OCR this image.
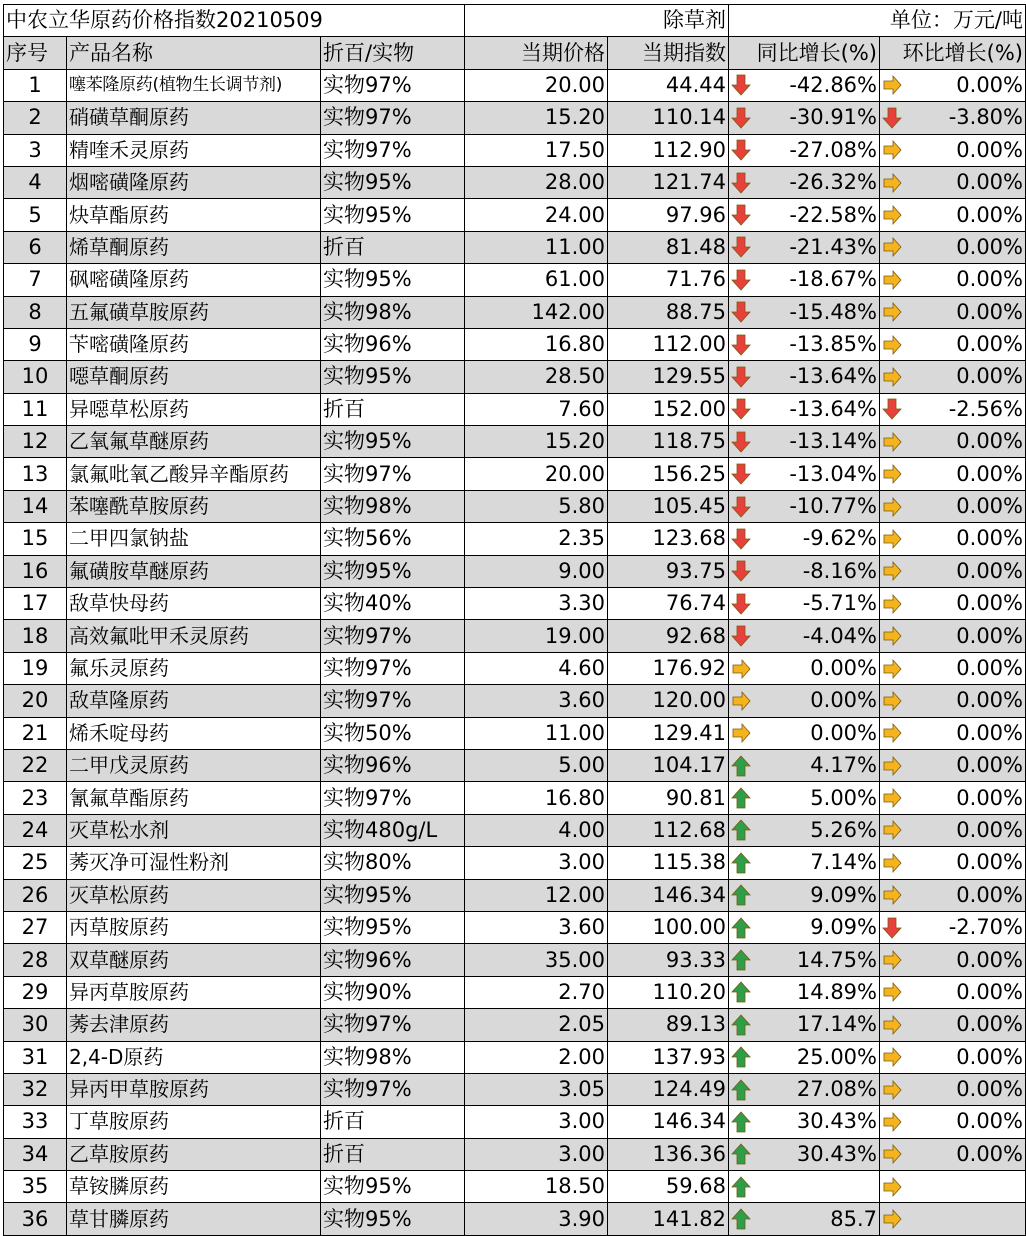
中农立华原药价格指数20210509			除草剂		单位：万元/吨	
序号	产品名称	折百/实物	当期价格	当期指数	同比增长(%)	环比增长(%)
1	噻苯隆原药(植物生长调节剂)	实物97%	20.00	44.44	-42.86%	0.00%

2	硝磺草酮原药	实物97%	15.20	110.14	-30.91%	-3.80%

3	精喹禾灵原药	实物97%	17.50	112.90	-27.08%	0.00%

4	烟嘧磺隆原药	实物95%	28.00	121.74	-26.32%	0.00%

5	炔草酯原药	实物95%	24.00	97.96	-22.58%	0.00%

6	烯草酮原药	折百	11.00	81.48	-21.43%	0.00%

7	砜嘧磺隆原药	实物95%	61.00	71.76	-18.67%	0.00%

8	五氟磺草胺原药	实物98%	142.00	88.75	-15.48%	0.00%

9	苄嘧磺隆原药	实物96%	16.80	112.00	-13.85%	0.00%

10	噁草酮原药	实物95%	28.50	129.55	-13.64%	0.00%

11	异噁草松原药	折百	7.60	152.00	-13.64%	-2.56%

12	乙氧氟草醚原药	实物95%	15.20	118.75	-13.14%	0.00%

13	氯氟吡氧乙酸异辛酯原药	实物97%	20.00	156.25	-13.04%	0.00%

14	苯噻酰草胺原药	实物98%	5.80	105.45	-10.77%	0.00%

15	二甲四氯钠盐	实物56%	2.35	123.68	-9.62%	0.00%

16	氟磺胺草醚原药	实物95%	9.00	93.75	-8.16%	0.00%

17	敌草快母药	实物40%	3.30	76.74	-5.71%	0.00%

18	高效氟吡甲禾灵原药	实物97%	19.00	92.68	-4.04%	0.00%

19	氟乐灵原药	实物97%	4.60	176.92	0.00%	0.00%

20	敌草隆原药	实物97%	3.60	120.00	0.00%	0.00%

21	烯禾啶母药	实物50%	11.00	129.41	0.00%	0.00%

22	二甲戊灵原药	实物96%	5.00	104.17	4.17%	0.00%

23	氰氟草酯原药	实物97%	16.80	90.81	5.00%	0.00%

24	灭草松水剂	实物480g/L	4.00	112.68	5.26%	0.00%

25	莠灭净可湿性粉剂	实物80%	3.00	115.38	7.14%	0.00%

26	灭草松原药	实物95%	12.00	146.34	9.09%	0.00%

27	丙草胺原药	实物95%	3.60	100.00	9.09%	-2.70%

28	双草醚原药	实物96%	35.00	93.33	14.75%	0.00%

29	异丙草胺原药	实物90%	2.70	110.20	14.89%	0.00%

30	莠去津原药	实物97%	2.05	89.13	17.14%	0.00%

31	2,4-D原药	实物98%	2.00	137.93	25.00%	0.00%

32	异丙甲草胺原药	实物97%	3.05	124.49	27.08%	0.00%

33	丁草胺原药	折百	3.00	146.34	30.43%	0.00%

34	乙草胺原药	折百	3.00	136.36	30.43%	0.00%

35	草铵膦原药	实物95%	18.50	59.68	

36	草甘膦原药	实物95%	3.90	141.82	85.7
